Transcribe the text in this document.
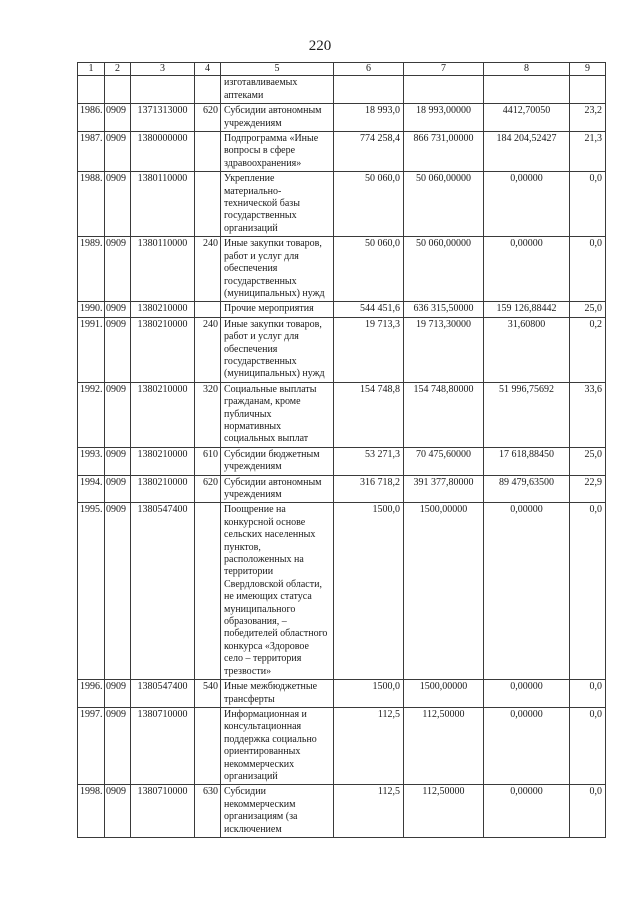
220
1	2	3	4	5	6	7	8	9
				изготавливаемых аптеками				
1986.	0909	1371313000	620	Субсидии автономным учреждениям	18 993,0	18 993,00000	4412,70050	23,2
1987.	0909	1380000000		Подпрограмма «Иные вопросы в сфере здравоохранения»	774 258,4	866 731,00000	184 204,52427	21,3
1988.	0909	1380110000		Укрепление материально-технической базы государственных организаций	50 060,0	50 060,00000	0,00000	0,0
1989.	0909	1380110000	240	Иные закупки товаров, работ и услуг для обеспечения государственных (муниципальных) нужд	50 060,0	50 060,00000	0,00000	0,0
1990.	0909	1380210000		Прочие мероприятия	544 451,6	636 315,50000	159 126,88442	25,0
1991.	0909	1380210000	240	Иные закупки товаров, работ и услуг для обеспечения государственных (муниципальных) нужд	19 713,3	19 713,30000	31,60800	0,2
1992.	0909	1380210000	320	Социальные выплаты гражданам, кроме публичных нормативных социальных выплат	154 748,8	154 748,80000	51 996,75692	33,6
1993.	0909	1380210000	610	Субсидии бюджетным учреждениям	53 271,3	70 475,60000	17 618,88450	25,0
1994.	0909	1380210000	620	Субсидии автономным учреждениям	316 718,2	391 377,80000	89 479,63500	22,9
1995.	0909	1380547400		Поощрение на конкурсной основе сельских населенных пунктов, расположенных на территории Свердловской области, не имеющих статуса муниципального образования, – победителей областного конкурса «Здоровое село – территория трезвости»	1500,0	1500,00000	0,00000	0,0
1996.	0909	1380547400	540	Иные межбюджетные трансферты	1500,0	1500,00000	0,00000	0,0
1997.	0909	1380710000		Информационная и консультационная поддержка социально ориентированных некоммерческих организаций	112,5	112,50000	0,00000	0,0
1998.	0909	1380710000	630	Субсидии некоммерческим организациям (за исключением	112,5	112,50000	0,00000	0,0
